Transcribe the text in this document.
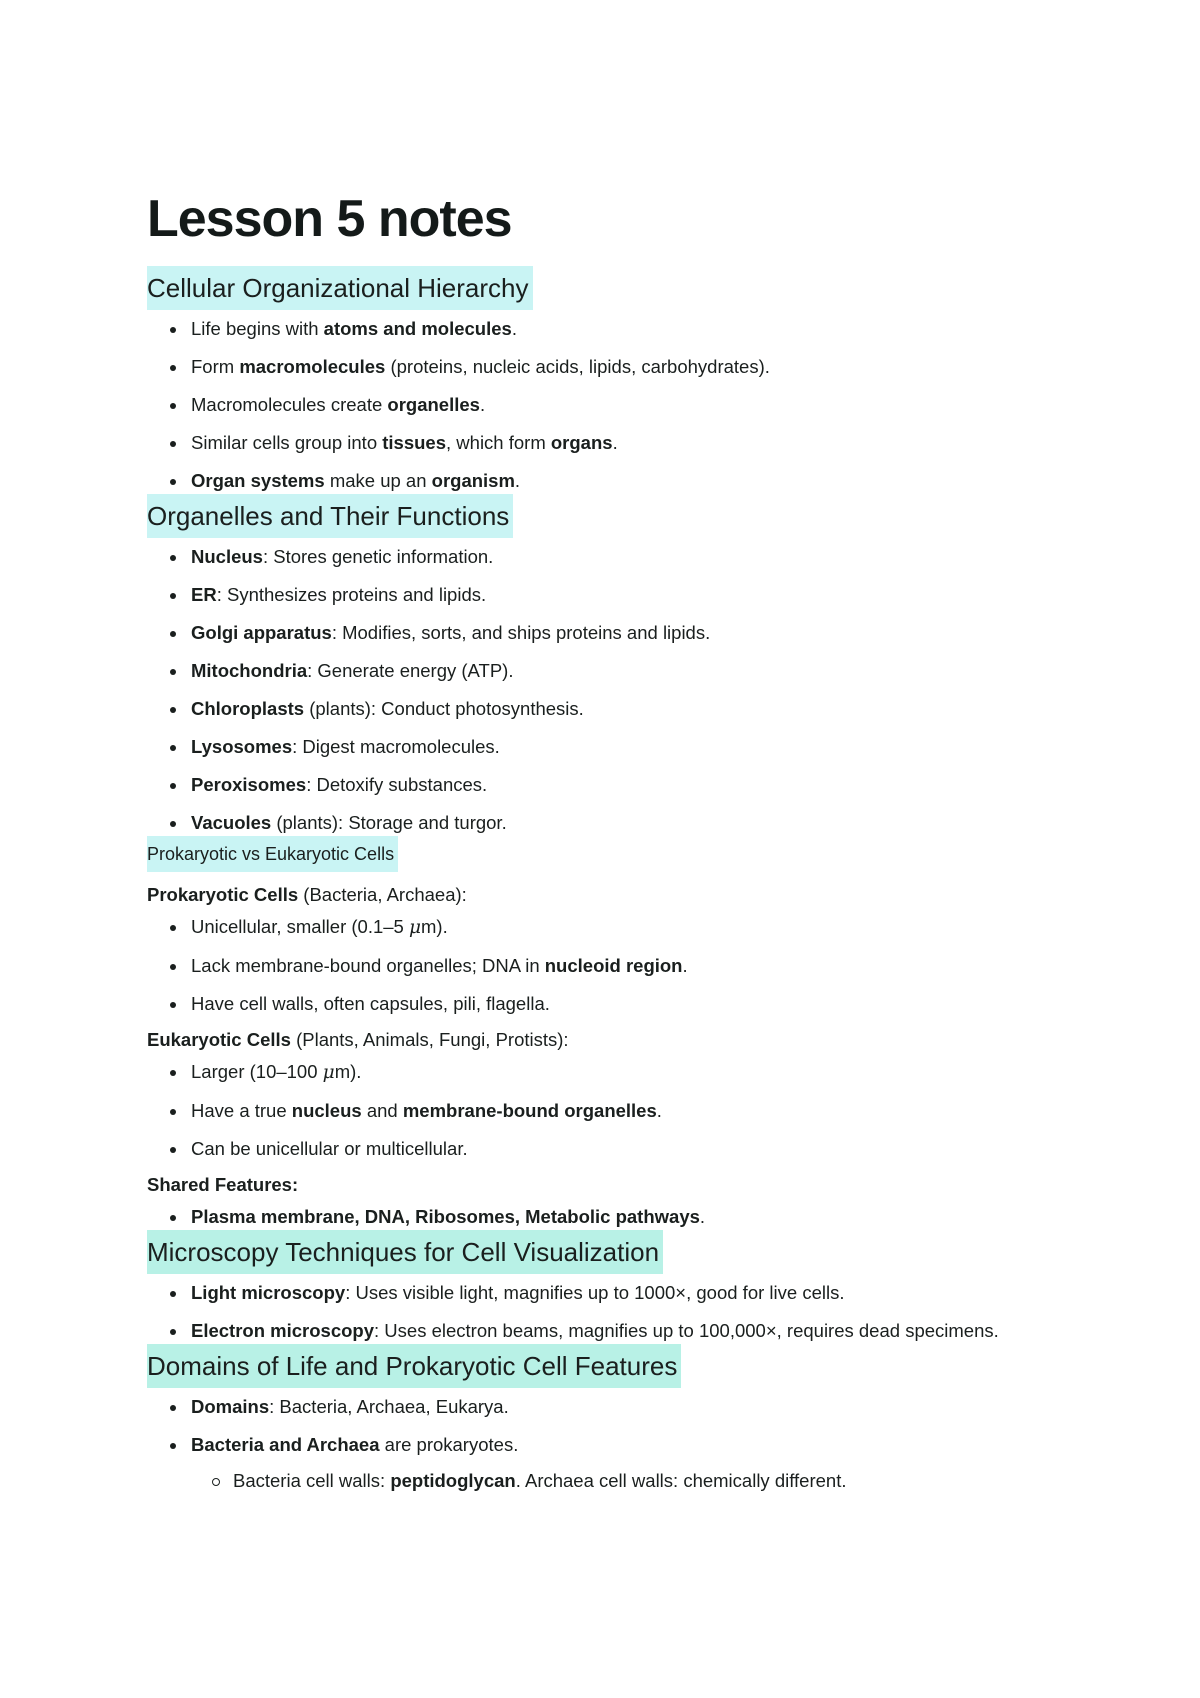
Lesson 5 notes
Cellular Organizational Hierarchy
Life begins with atoms and molecules.
Form macromolecules (proteins, nucleic acids, lipids, carbohydrates).
Macromolecules create organelles.
Similar cells group into tissues, which form organs.
Organ systems make up an organism.
Organelles and Their Functions
Nucleus: Stores genetic information.
ER: Synthesizes proteins and lipids.
Golgi apparatus: Modifies, sorts, and ships proteins and lipids.
Mitochondria: Generate energy (ATP).
Chloroplasts (plants): Conduct photosynthesis.
Lysosomes: Digest macromolecules.
Peroxisomes: Detoxify substances.
Vacuoles (plants): Storage and turgor.
Prokaryotic vs Eukaryotic Cells

Prokaryotic Cells (Bacteria, Archaea):

Unicellular, smaller (0.1–5 μm).
Lack membrane-bound organelles; DNA in nucleoid region.
Have cell walls, often capsules, pili, flagella.

Eukaryotic Cells (Plants, Animals, Fungi, Protists):

Larger (10–100 μm).
Have a true nucleus and membrane-bound organelles.
Can be unicellular or multicellular.

Shared Features:

Plasma membrane, DNA, Ribosomes, Metabolic pathways.
Microscopy Techniques for Cell Visualization
Light microscopy: Uses visible light, magnifies up to 1000×, good for live cells.
Electron microscopy: Uses electron beams, magnifies up to 100,000×, requires dead specimens.
Domains of Life and Prokaryotic Cell Features
Domains: Bacteria, Archaea, Eukarya.
Bacteria and Archaea are prokaryotes.
Bacteria cell walls: peptidoglycan. Archaea cell walls: chemically different.
